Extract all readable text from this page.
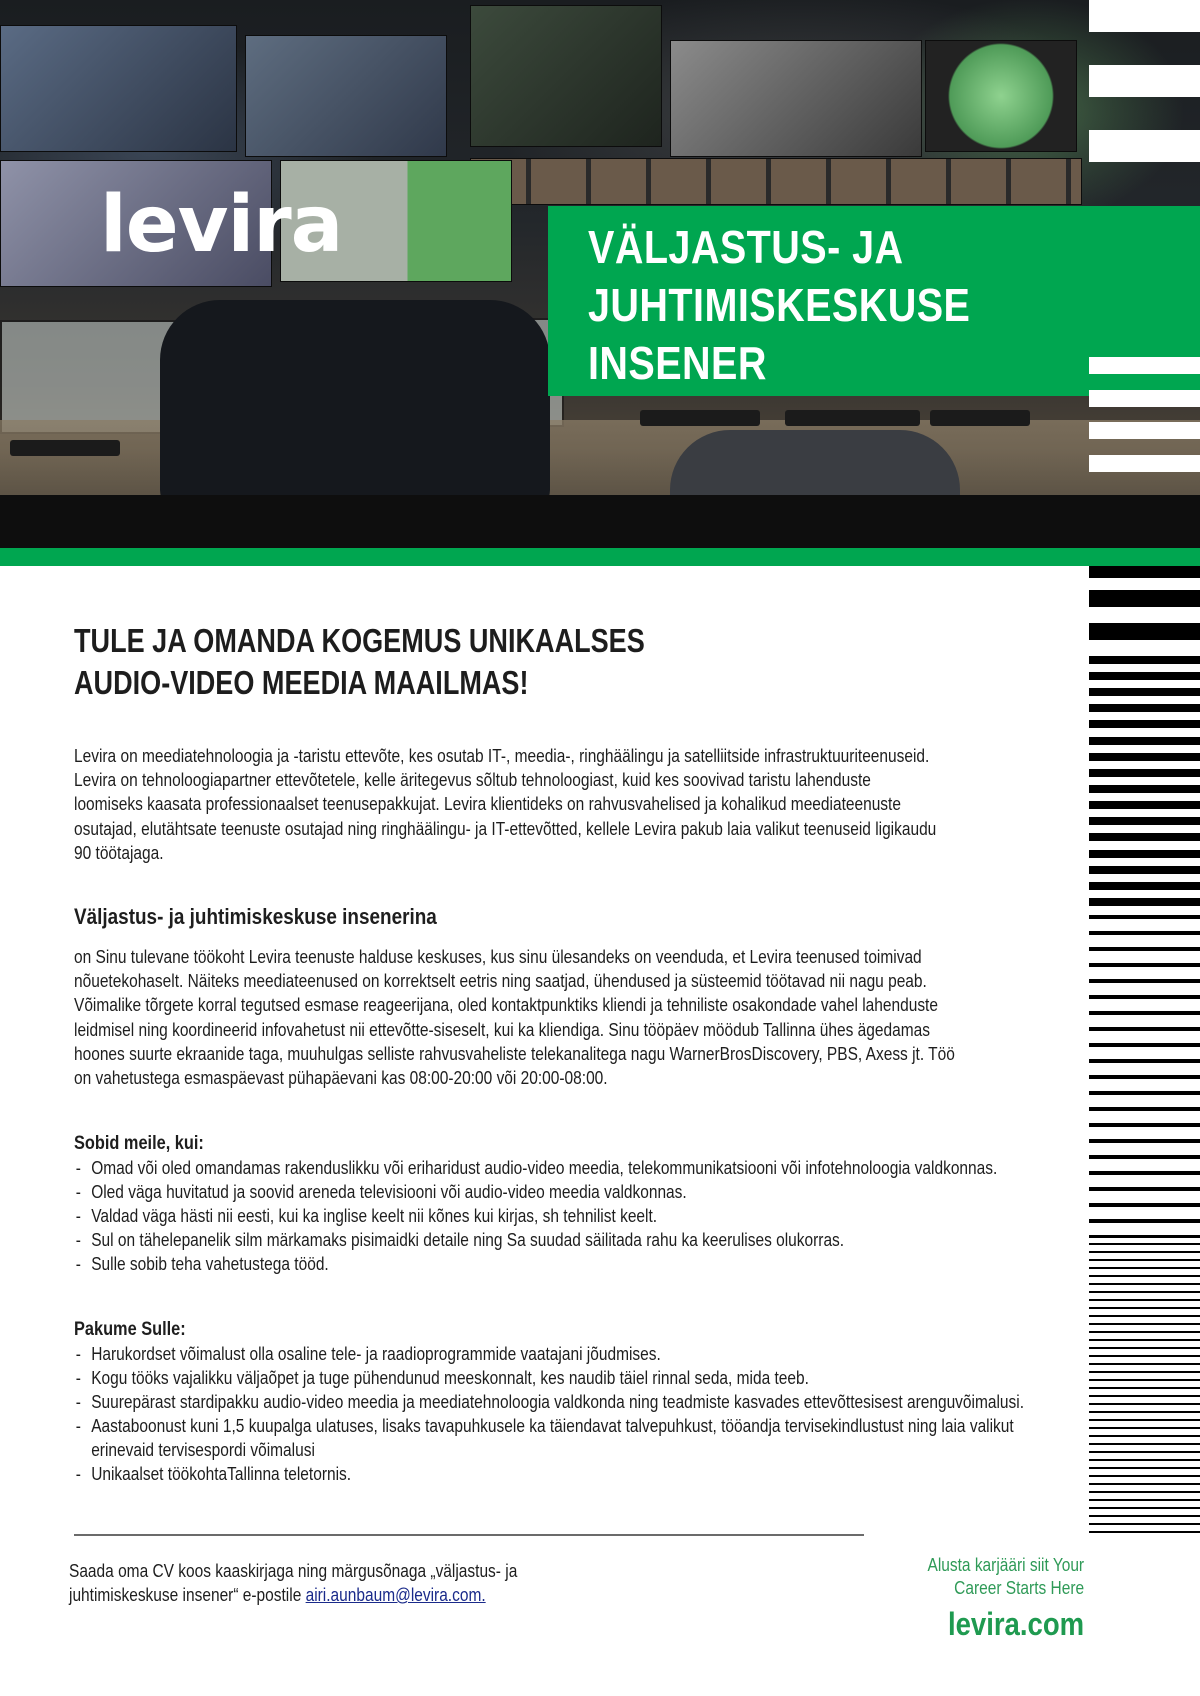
levira	VÄLJASTUS- JA
JUHTIMISKESKUSE
INSENER
TULE JA OMANDA KOGEMUS UNIKAALSES
AUDIO-VIDEO MEEDIA MAAILMAS!
Levira on meediatehnoloogia ja -taristu ettevõte, kes osutab IT-, meedia-, ringhäälingu ja satelliitside infrastruktuuriteenuseid.
Levira on tehnoloogiapartner ettevõtetele, kelle äritegevus sõltub tehnoloogiast, kuid kes soovivad taristu lahenduste
loomiseks kaasata professionaalset teenusepakkujat. Levira klientideks on rahvusvahelised ja kohalikud meediateenuste
osutajad, elutähtsate teenuste osutajad ning ringhäälingu- ja IT-ettevõtted, kellele Levira pakub laia valikut teenuseid ligikaudu
90 töötajaga.
Väljastus- ja juhtimiskeskuse insenerina
on Sinu tulevane töökoht Levira teenuste halduse keskuses, kus sinu ülesandeks on veenduda, et Levira teenused toimivad
nõuetekohaselt. Näiteks meediateenused on korrektselt eetris ning saatjad, ühendused ja süsteemid töötavad nii nagu peab.
Võimalike tõrgete korral tegutsed esmase reageerijana, oled kontaktpunktiks kliendi ja tehniliste osakondade vahel lahenduste
leidmisel ning koordineerid infovahetust nii ettevõtte-siseselt, kui ka kliendiga. Sinu tööpäev möödub Tallinna ühes ägedamas
hoones suurte ekraanide taga, muuhulgas selliste rahvusvaheliste telekanalitega nagu WarnerBrosDiscovery, PBS, Axess jt. Töö
on vahetustega esmaspäevast pühapäevani kas 08:00-20:00 või 20:00-08:00.
Sobid meile, kui:
- Omad või oled omandamas rakenduslikku või eriharidust audio-video meedia, telekommunikatsiooni või infotehnoloogia valdkonnas.
- Oled väga huvitatud ja soovid areneda televisiooni või audio-video meedia valdkonnas.
- Valdad väga hästi nii eesti, kui ka inglise keelt nii kõnes kui kirjas, sh tehnilist keelt.
- Sul on tähelepanelik silm märkamaks pisimaidki detaile ning Sa suudad säilitada rahu ka keerulises olukorras.
- Sulle sobib teha vahetustega tööd.
Pakume Sulle:
- Harukordset võimalust olla osaline tele- ja raadioprogrammide vaatajani jõudmises.
- Kogu tööks vajalikku väljaõpet ja tuge pühendunud meeskonnalt, kes naudib täiel rinnal seda, mida teeb.
- Suurepärast stardipakku audio-video meedia ja meediatehnoloogia valdkonda ning teadmiste kasvades ettevõttesisest arenguvõimalusi.
- Aastaboonust kuni 1,5 kuupalga ulatuses, lisaks tavapuhkusele ka täiendavat talvepuhkust, tööandja tervisekindlustust ning laia valikut erinevaid tervisespordi võimalusi
- Unikaalset töökohtaTallinna teletornis.
Saada oma CV koos kaaskirjaga ning märgusõnaga „väljastus- ja
juhtimiskeskuse insener“ e-postile airi.aunbaum@levira.com.
Alusta karjääri siit Your
Career Starts Here
levira.com
